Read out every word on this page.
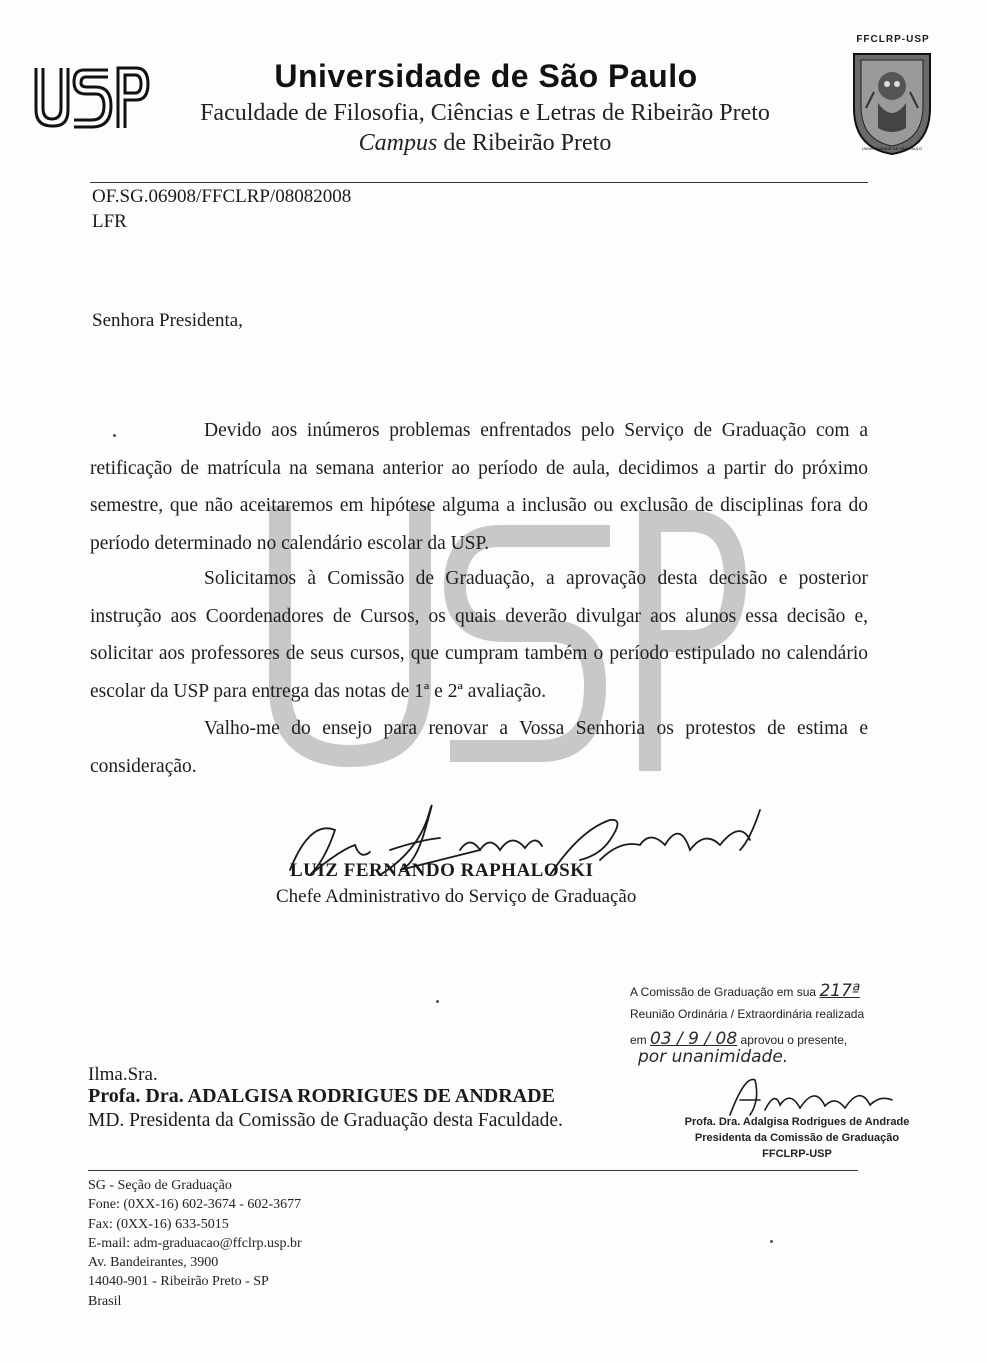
Universidade de São Paulo
Faculdade de Filosofia, Ciências e Letras de Ribeirão Preto
Campus de Ribeirão Preto
FFCLRP-USP
UNIVERSIDADE DE SÃO PAULO
OF.SG.06908/FFCLRP/08082008
LFR
Senhora Presidenta,
Devido aos inúmeros problemas enfrentados pelo Serviço de Graduação com a retificação de matrícula na semana anterior ao período de aula, decidimos a partir do próximo semestre, que não aceitaremos em hipótese alguma a inclusão ou exclusão de disciplinas fora do período determinado no calendário escolar da USP.
Solicitamos à Comissão de Graduação, a aprovação desta decisão e posterior instrução aos Coordenadores de Cursos, os quais deverão divulgar aos alunos essa decisão e, solicitar aos professores de seus cursos, que cumpram também o período estipulado no calendário escolar da USP para entrega das notas de 1ª e 2ª avaliação.
Valho-me do ensejo para renovar a Vossa Senhoria os protestos de estima e consideração.
LUIZ FERNANDO RAPHALOSKI
Chefe Administrativo do Serviço de Graduação
A Comissão de Graduação em sua 217ª
Reunião Ordinária / Extraordinária realizada
em 03 / 9 / 08 aprovou o presente,
por unanimidade.
Profa. Dra. Adalgisa Rodrigues de Andrade
Presidenta da Comissão de Graduação
FFCLRP-USP
Ilma.Sra.
Profa. Dra. ADALGISA RODRIGUES DE ANDRADE
MD. Presidenta da Comissão de Graduação desta Faculdade.
SG - Seção de Graduação
Fone: (0XX-16) 602-3674 - 602-3677
Fax: (0XX-16) 633-5015
E-mail: adm-graduacao@ffclrp.usp.br
Av. Bandeirantes, 3900
14040-901 - Ribeirão Preto - SP
Brasil
